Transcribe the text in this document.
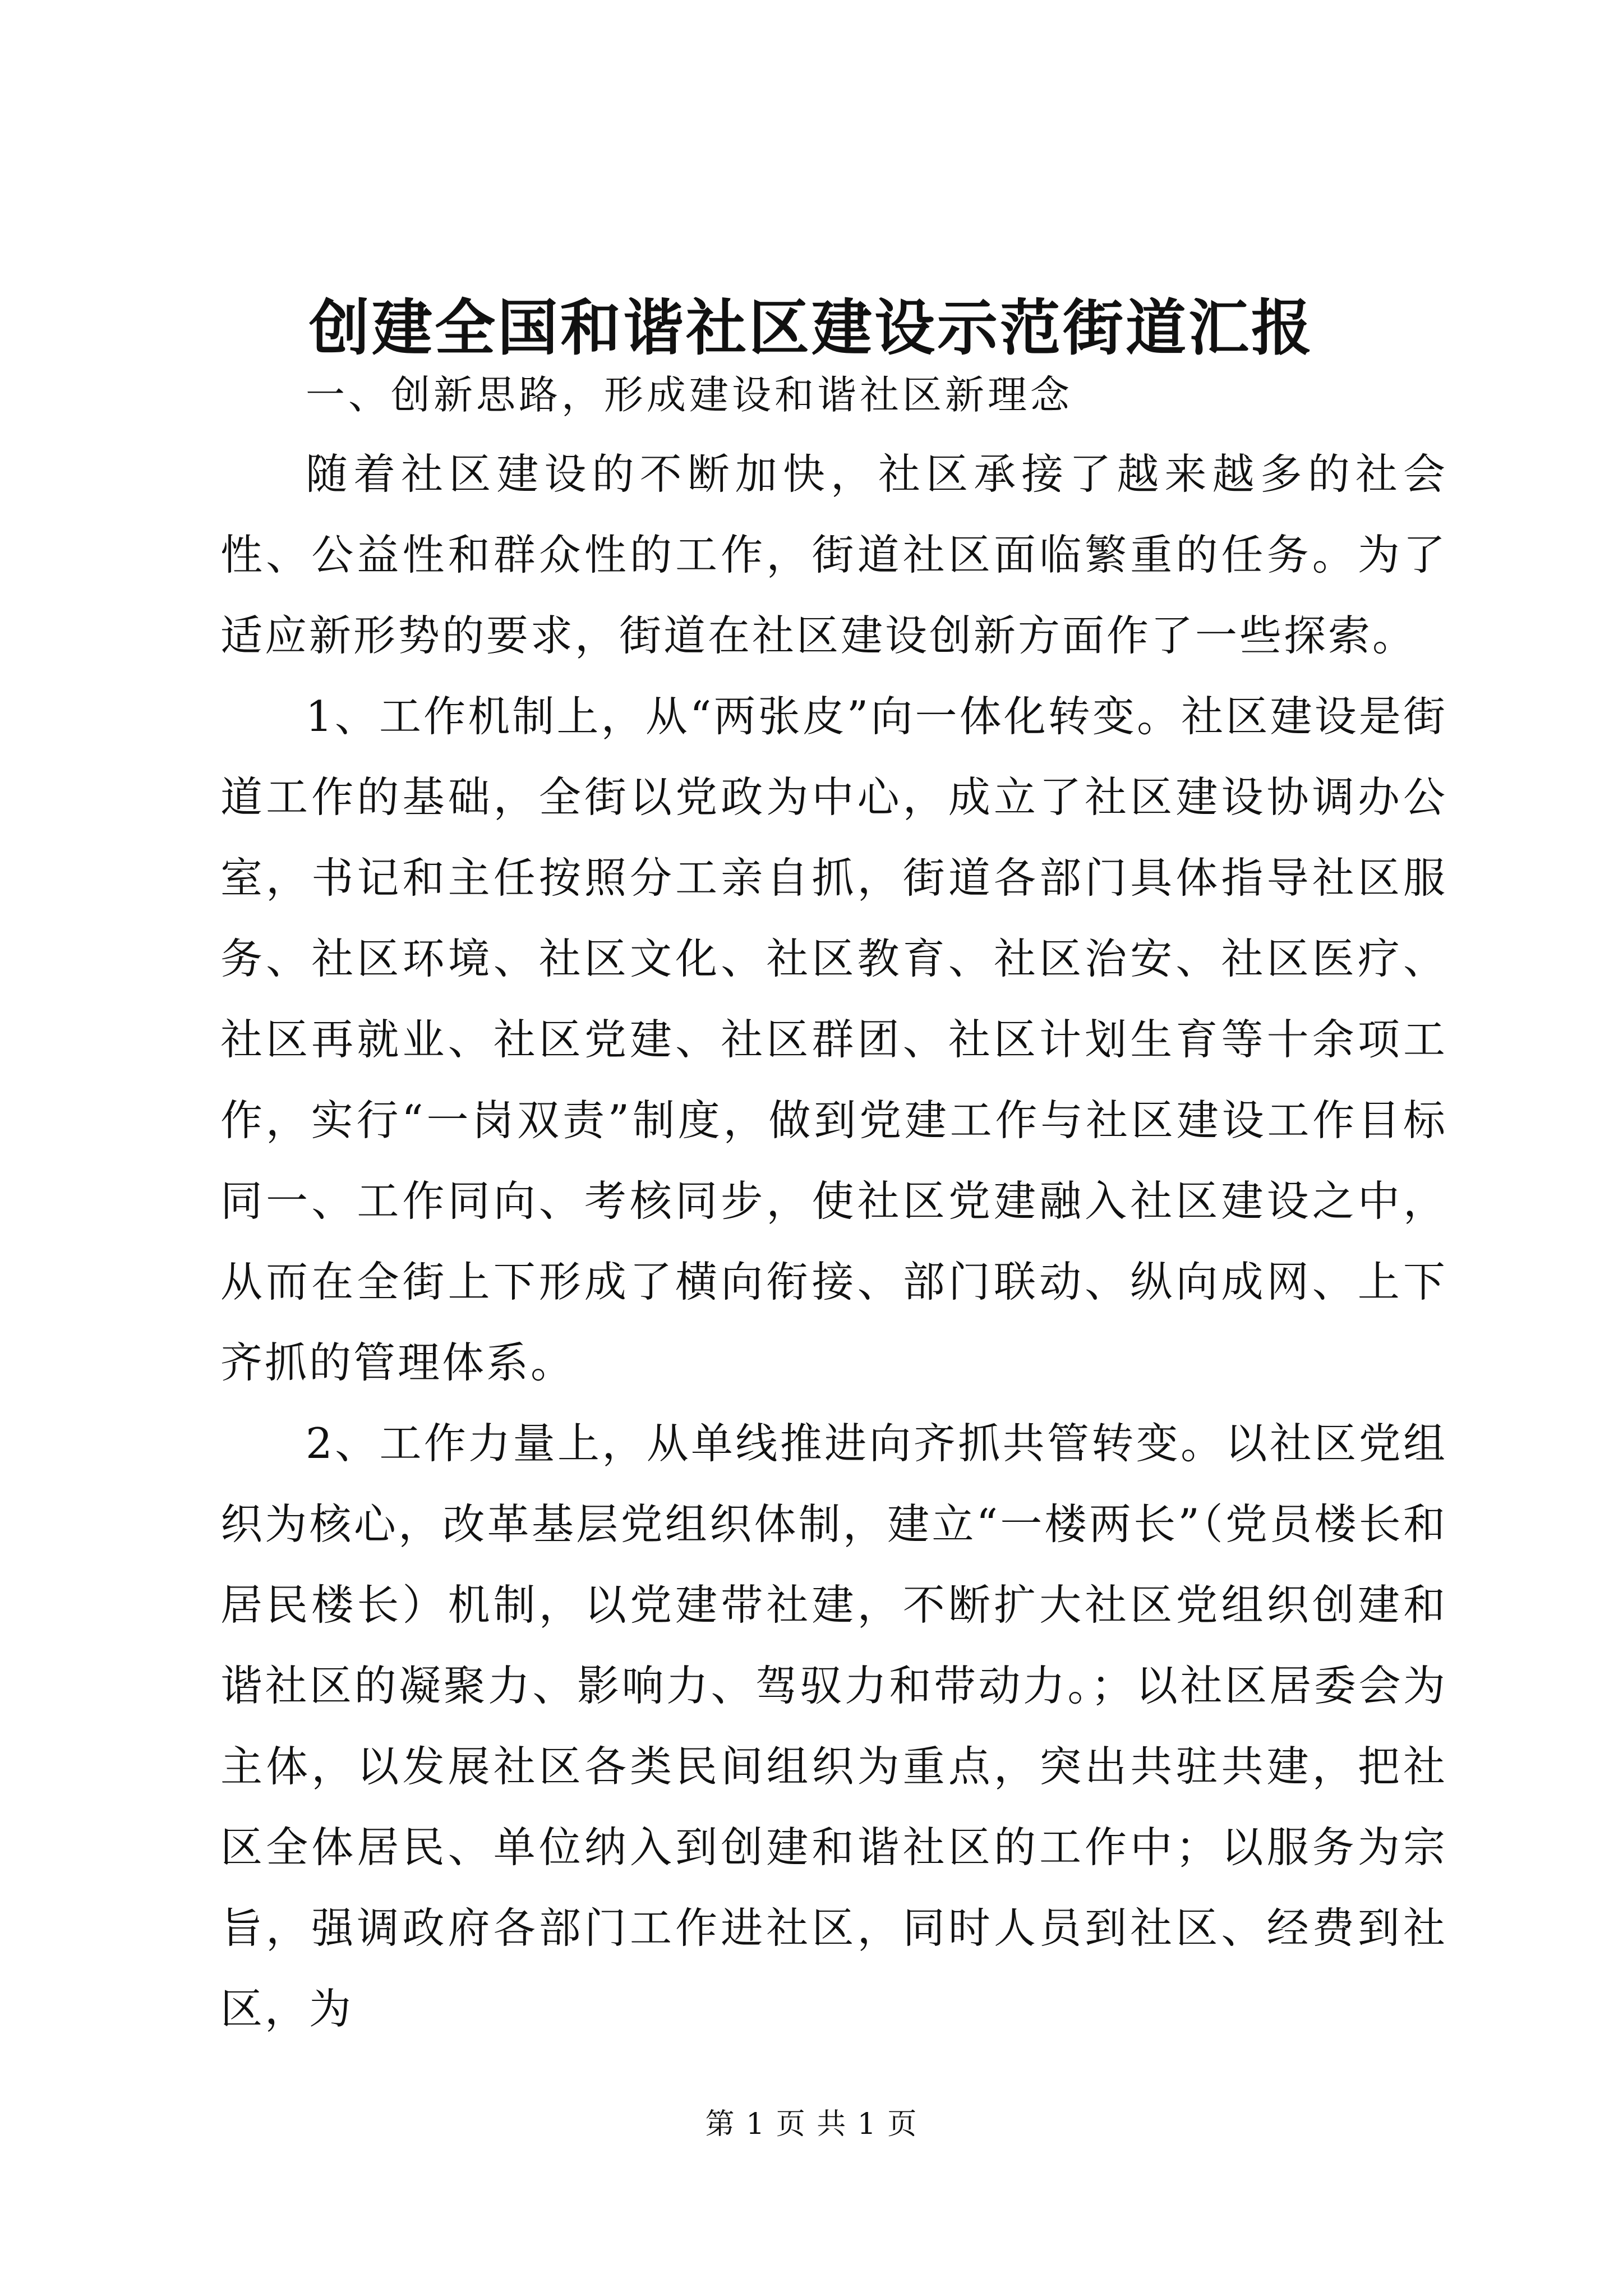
创建全国和谐社区建设示范街道汇报

一、创新思路，形成建设和谐社区新理念

随着社区建设的不断加快，社区承接了越来越多的社会性、公益性和群众性的工作，街道社区面临繁重的任务。为了适应新形势的要求，街道在社区建设创新方面作了一些探索。

1、工作机制上，从“两张皮”向一体化转变。社区建设是街道工作的基础，全街以党政为中心，成立了社区建设协调办公室，书记和主任按照分工亲自抓，街道各部门具体指导社区服务、社区环境、社区文化、社区教育、社区治安、社区医疗、社区再就业、社区党建、社区群团、社区计划生育等十余项工作，实行“一岗双责”制度，做到党建工作与社区建设工作目标同一、工作同向、考核同步，使社区党建融入社区建设之中，从而在全街上下形成了横向衔接、部门联动、纵向成网、上下齐抓的管理体系。

2、工作力量上，从单线推进向齐抓共管转变。以社区党组织为核心，改革基层党组织体制，建立“一楼两长”（党员楼长和居民楼长）机制，以党建带社建，不断扩大社区党组织创建和谐社区的凝聚力、影响力、驾驭力和带动力。；以社区居委会为主体，以发展社区各类民间组织为重点，突出共驻共建，把社区全体居民、单位纳入到创建和谐社区的工作中；以服务为宗旨，强调政府各部门工作进社区，同时人员到社区、经费到社区，为

第 1 页 共 1 页
